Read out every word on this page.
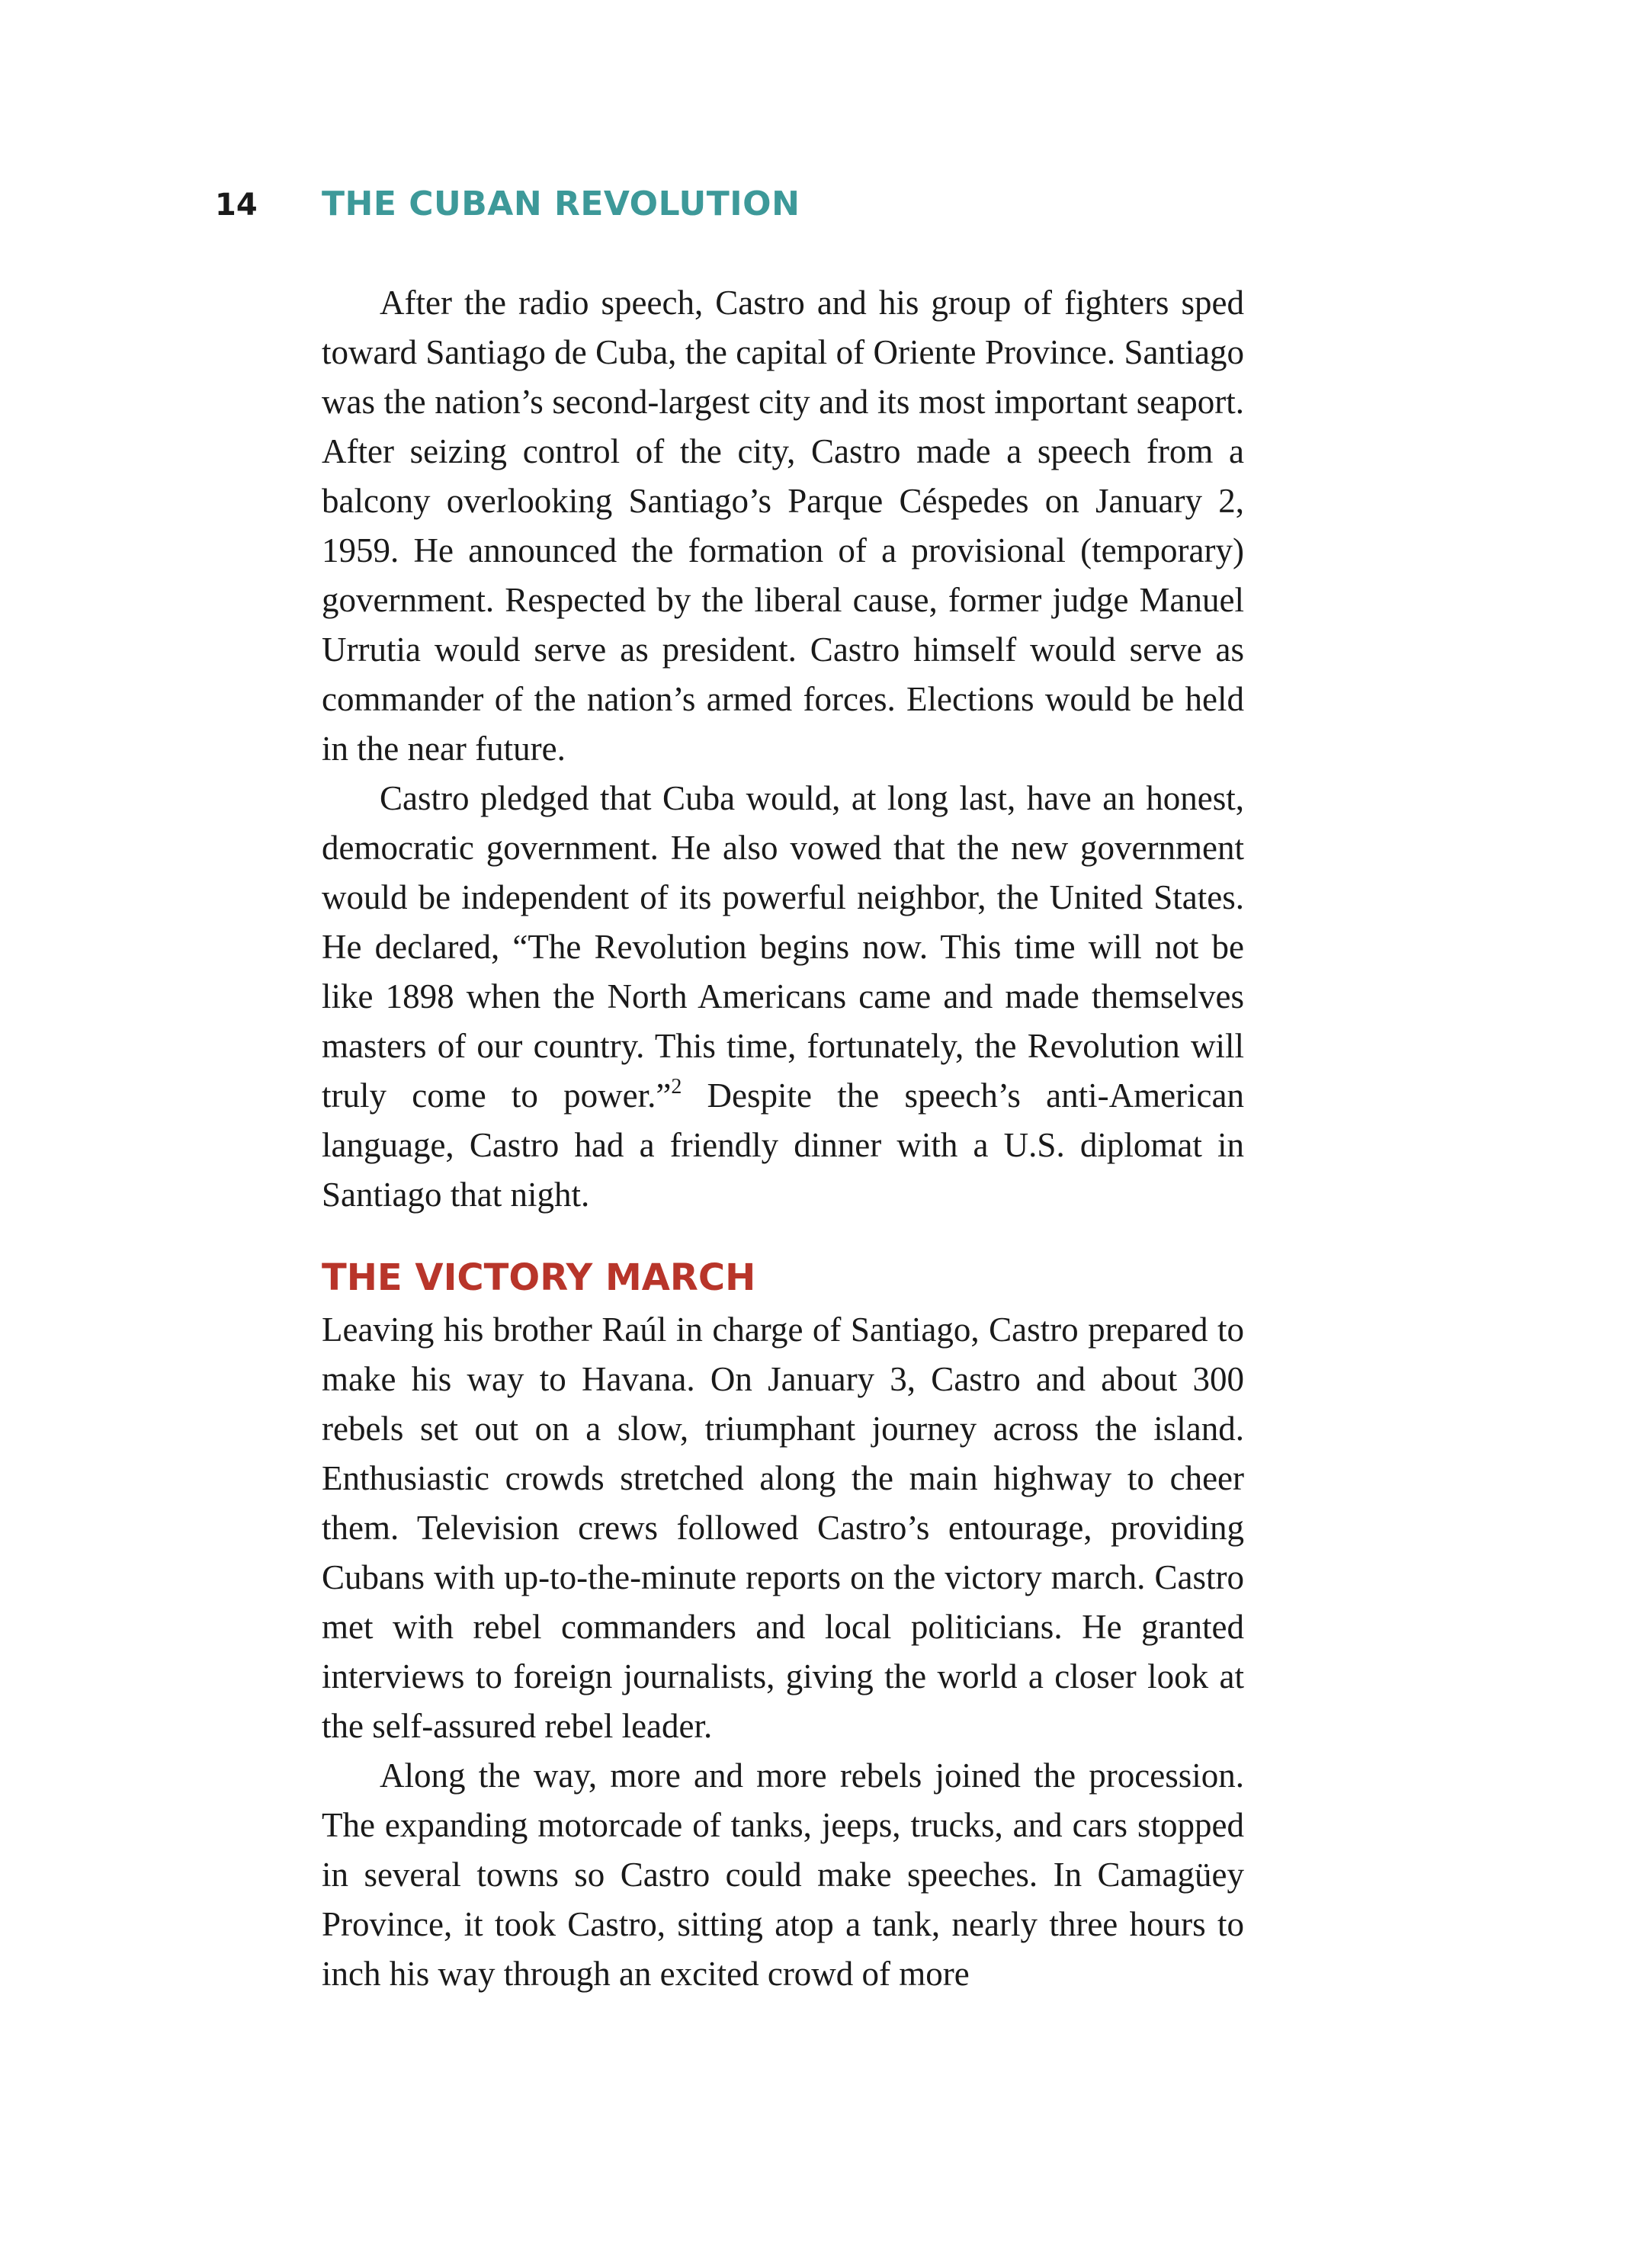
14	THE CUBAN REVOLUTION

After the radio speech, Castro and his group of fighters sped toward Santiago de Cuba, the capital of Oriente Province. Santiago was the nation’s second-largest city and its most important seaport. After seizing control of the city, Castro made a speech from a balcony overlooking Santiago’s Parque Céspedes on January 2, 1959. He announced the formation of a provisional (temporary) government. Respected by the liberal cause, former judge Manuel Urrutia would serve as president. Castro himself would serve as commander of the nation’s armed forces. Elections would be held in the near future.

Castro pledged that Cuba would, at long last, have an honest, democratic government. He also vowed that the new government would be independent of its powerful neighbor, the United States. He declared, “The Revolution begins now. This time will not be like 1898 when the North Americans came and made themselves masters of our country. This time, fortunately, the Revolution will truly come to power.”$^2$ Despite the speech’s anti-American language, Castro had a friendly dinner with a U.S. diplomat in Santiago that night.

THE VICTORY MARCH

Leaving his brother Raúl in charge of Santiago, Castro prepared to make his way to Havana. On January 3, Castro and about 300 rebels set out on a slow, triumphant journey across the island. Enthusiastic crowds stretched along the main highway to cheer them. Television crews followed Castro’s entourage, providing Cubans with up-to-the-minute reports on the victory march. Castro met with rebel commanders and local politicians. He granted interviews to foreign journalists, giving the world a closer look at the self-assured rebel leader.

Along the way, more and more rebels joined the procession. The expanding motorcade of tanks, jeeps, trucks, and cars stopped in several towns so Castro could make speeches. In Camagüey Province, it took Castro, sitting atop a tank, nearly three hours to inch his way through an excited crowd of more
